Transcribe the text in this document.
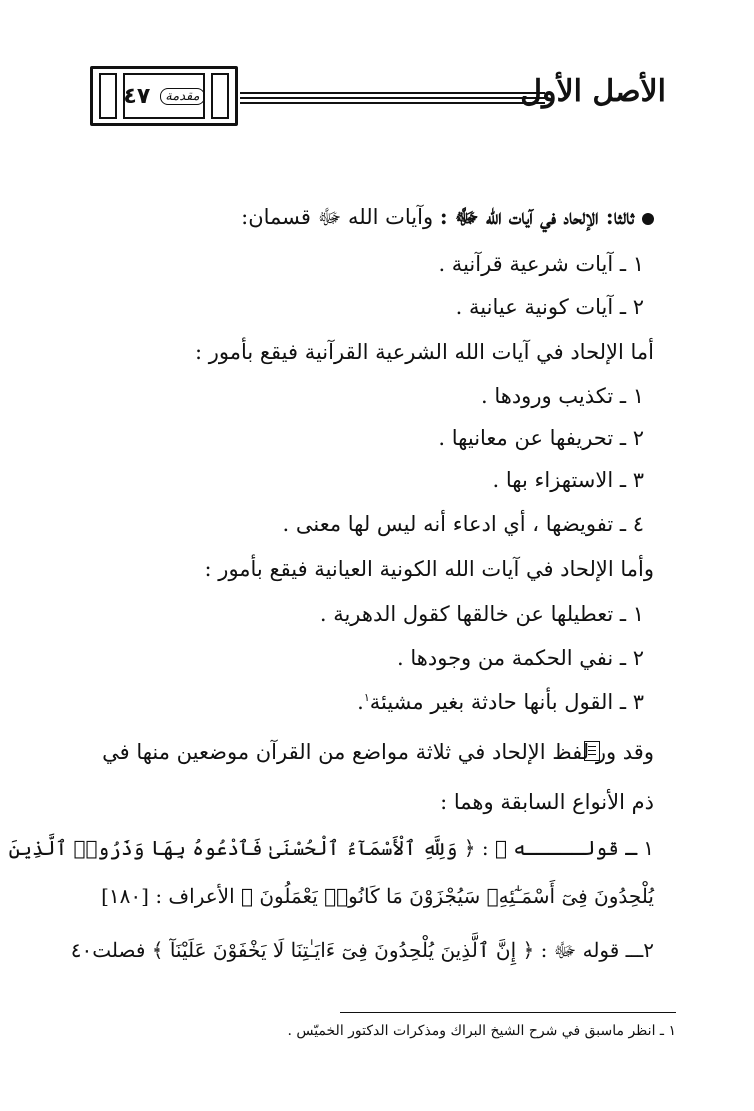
٤٧	مقدمة	الأصل الأول
ثالثا: الإلحاد في آيات الله ﷻ : وآيات الله ﷻ قسمان:
١ ـ آيات شرعية قرآنية .
٢ ـ آيات كونية عيانية .
أما الإلحاد في آيات الله الشرعية القرآنية فيقع بأمور :
١ ـ تكذيب ورودها .
٢ ـ تحريفها عن معانيها .
٣ ـ الاستهزاء بها .
٤ ـ تفويضها ، أي ادعاء أنه ليس لها معنى .
وأما الإلحاد في آيات الله الكونية العيانية فيقع بأمور :
١ ـ تعطيلها عن خالقها كقول الدهرية .
٢ ـ نفي الحكمة من وجودها .
٣ ـ القول بأنها حادثة بغير مشيئة$^١$.
وقد ور لفظ الإلحاد في ثلاثة مواضع من القرآن موضعين منها في
ذم الأنواع السابقة وهما :
١ ـ قولـــــه ﷻ : ﴿ وَلِلَّهِ ٱلْأَسْمَآءُ ٱلْحُسْنَىٰ فَٱدْعُوهُ بِهَا وَذَرُوا۟ ٱلَّذِينَ
يُلْحِدُونَ فِىٓ أَسْمَـٰٓئِهِۦ سَيُجْزَوْنَ مَا كَانُوا۟ يَعْمَلُونَ ﴾ الأعراف : [١٨٠]
٢ـــ قوله ﷻ : ﴿ إِنَّ ٱلَّذِينَ يُلْحِدُونَ فِىٓ ءَايَـٰتِنَا لَا يَخْفَوْنَ عَلَيْنَآ ﴾ فصلت٤٠
١ ـ انظر ماسبق في شرح الشيخ البراك ومذكرات الدكتور الخميّس .
